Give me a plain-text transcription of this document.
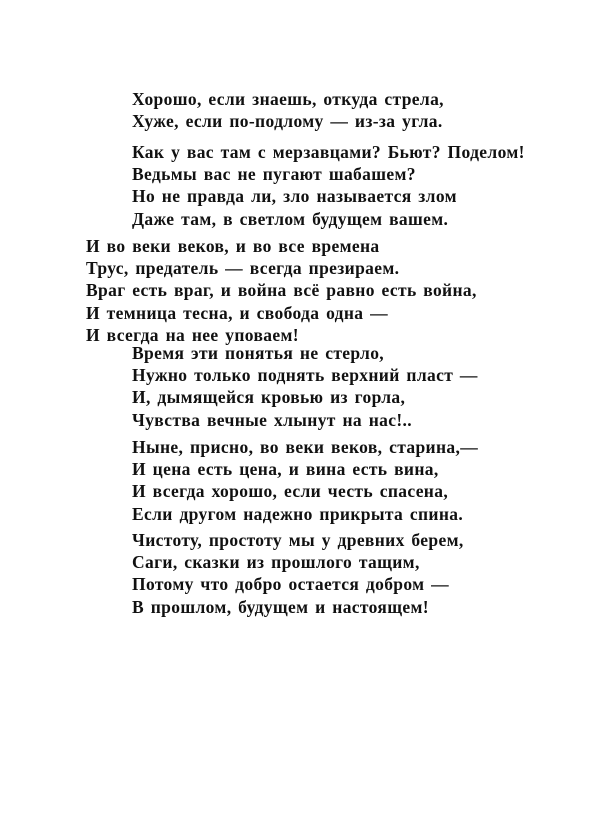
Хорошо, если знаешь, откуда стрела,
Хуже, если по-подлому — из-за угла.
Как у вас там с мерзавцами? Бьют? Поделом!
Ведьмы вас не пугают шабашем?
Но не правда ли, зло называется злом
Даже там, в светлом будущем вашем.
И во веки веков, и во все времена
Трус, предатель — всегда презираем.
Враг есть враг, и война всё равно есть война,
И темница тесна, и свобода одна —
И всегда на нее уповаем!
Время эти понятья не стерло,
Нужно только поднять верхний пласт —
И, дымящейся кровью из горла,
Чувства вечные хлынут на нас!..
Ныне, присно, во веки веков, старина,—
И цена есть цена, и вина есть вина,
И всегда хорошо, если честь спасена,
Если другом надежно прикрыта спина.
Чистоту, простоту мы у древних берем,
Саги, сказки из прошлого тащим,
Потому что добро остается добром —
В прошлом, будущем и настоящем!
